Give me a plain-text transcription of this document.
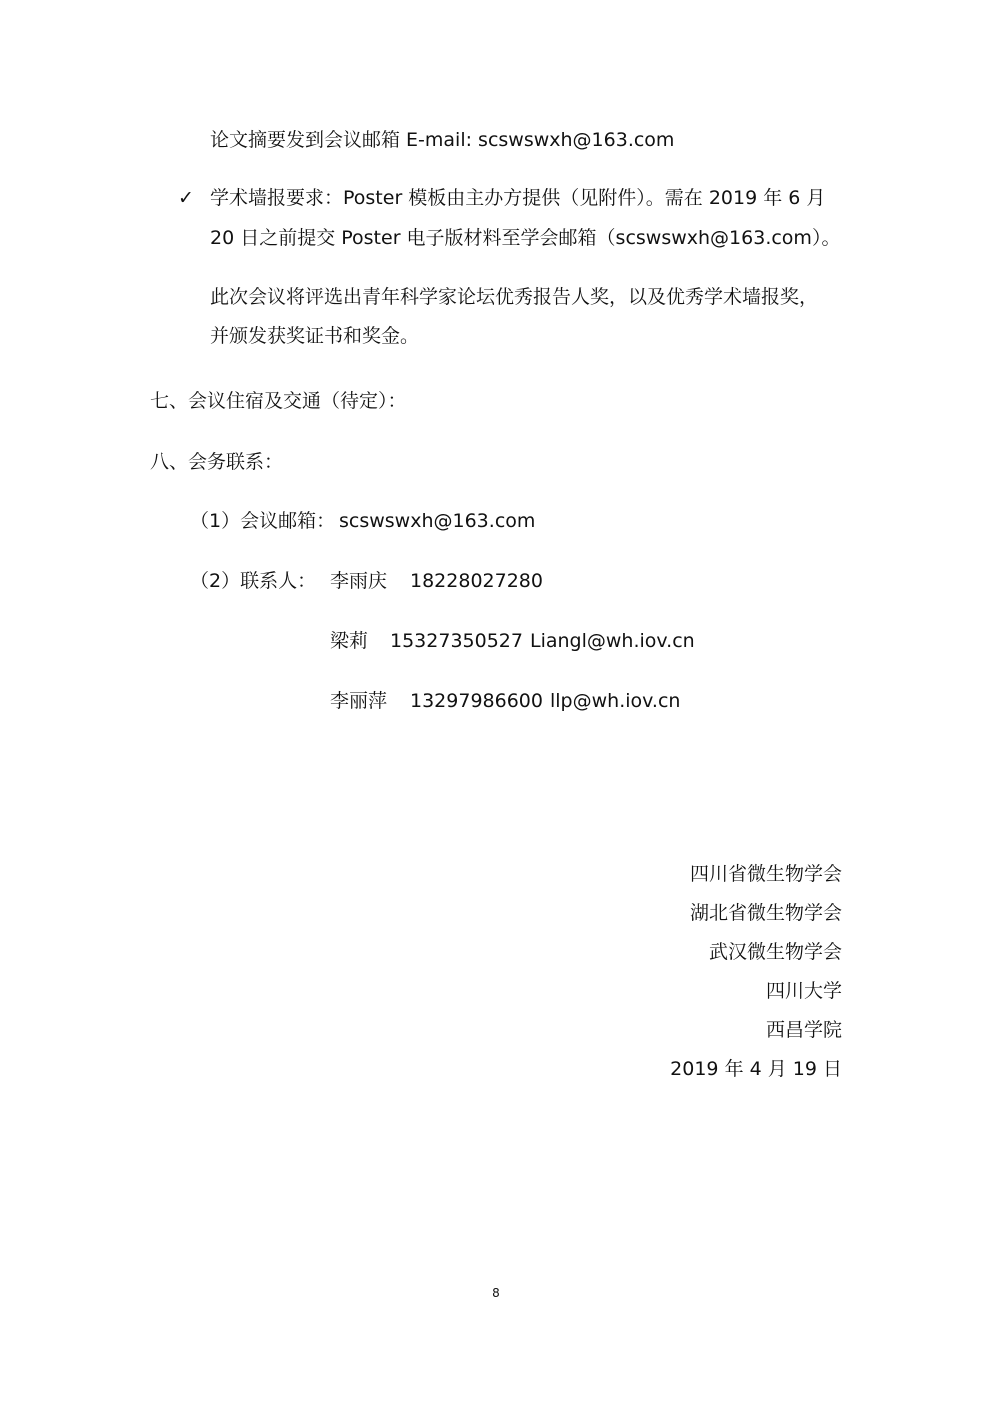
论文摘要发到会议邮箱 E-mail: scswswxh@163.com
✓ 学术墙报要求：Poster 模板由主办方提供（见附件）。需在 2019 年 6 月
20 日之前提交 Poster 电子版材料至学会邮箱（scswswxh@163.com）。
此次会议将评选出青年科学家论坛优秀报告人奖，以及优秀学术墙报奖，
并颁发获奖证书和奖金。
七、会议住宿及交通（待定）：
八、会务联系：
（1）会议邮箱： scswswxh@163.com
（2）联系人： 李雨庆 18228027280
梁莉 15327350527 Liangl@wh.iov.cn
李丽萍 13297986600 llp@wh.iov.cn
四川省微生物学会
湖北省微生物学会
武汉微生物学会
四川大学
西昌学院
2019 年 4 月 19 日
8
